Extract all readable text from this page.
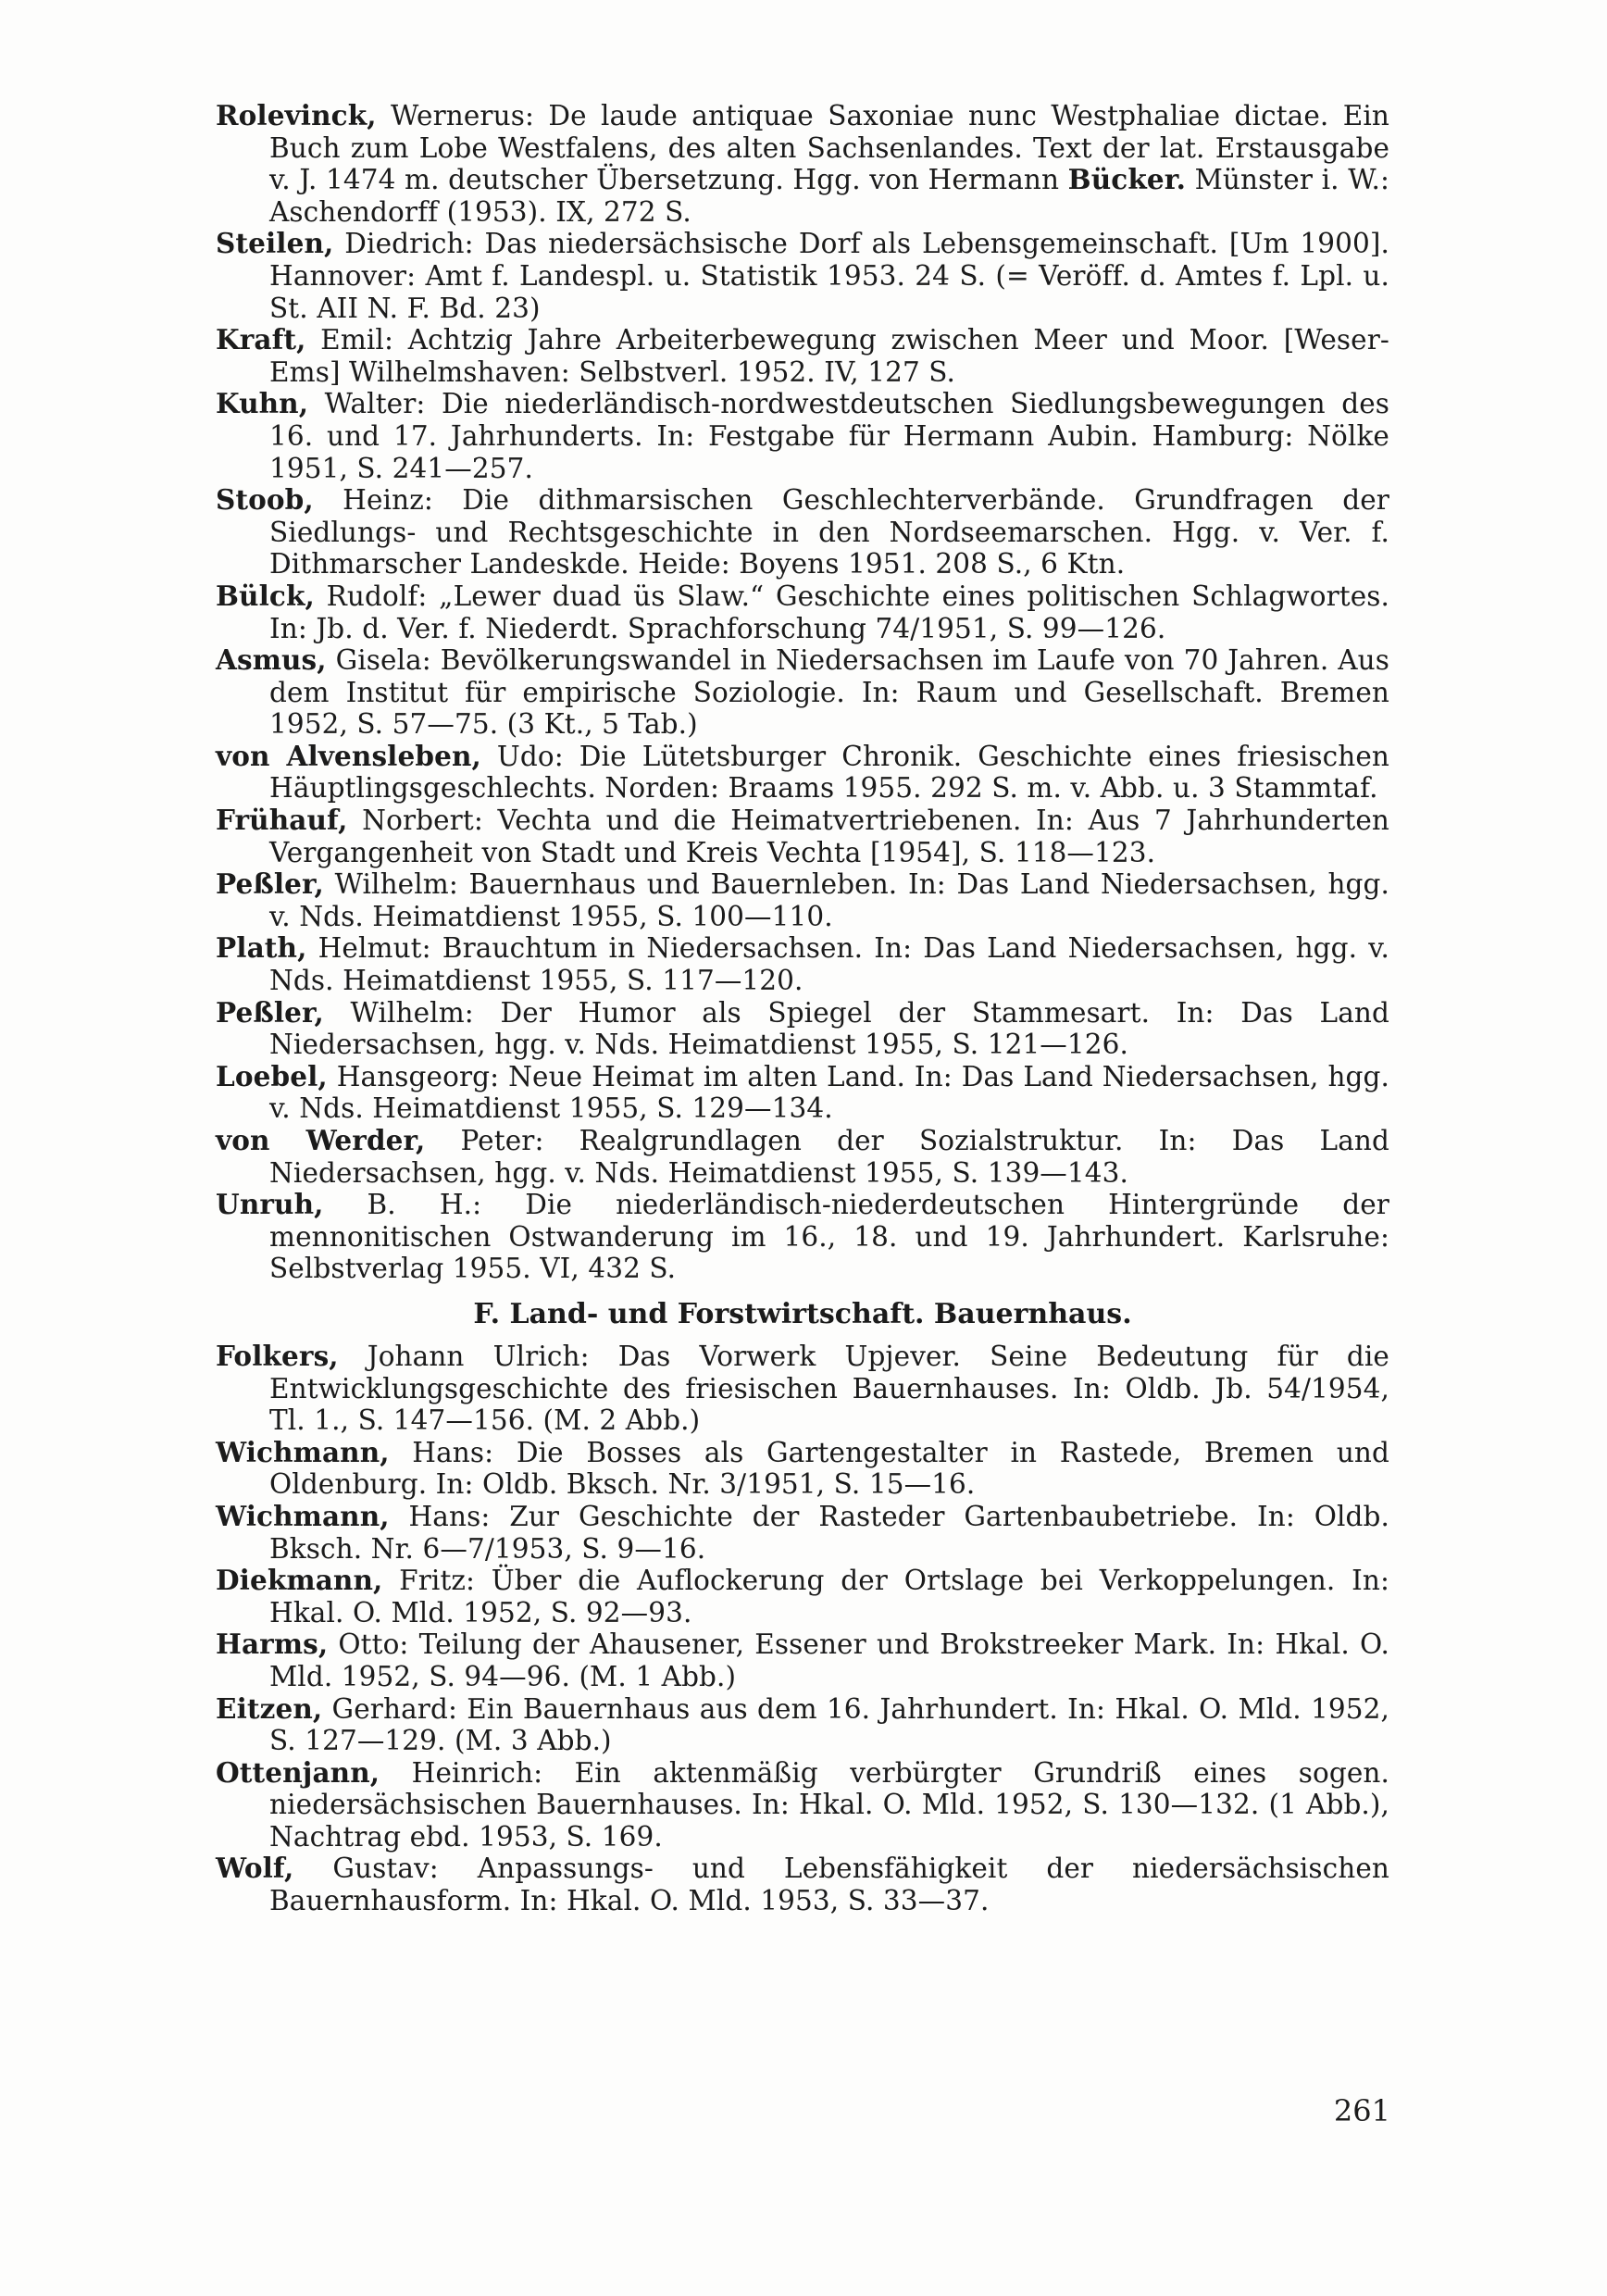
Rolevinck, Wernerus: De laude antiquae Saxoniae nunc Westphaliae dictae. Ein Buch zum Lobe Westfalens, des alten Sachsenlandes. Text der lat. Erstausgabe v. J. 1474 m. deutscher Übersetzung. Hgg. von Hermann Bücker. Münster i. W.: Aschendorff (1953). IX, 272 S.

Steilen, Diedrich: Das niedersächsische Dorf als Lebensgemeinschaft. [Um 1900]. Hannover: Amt f. Landespl. u. Statistik 1953. 24 S. (= Veröff. d. Amtes f. Lpl. u. St. AII N. F. Bd. 23)

Kraft, Emil: Achtzig Jahre Arbeiterbewegung zwischen Meer und Moor. [Weser-Ems] Wilhelmshaven: Selbstverl. 1952. IV, 127 S.

Kuhn, Walter: Die niederländisch-nordwestdeutschen Siedlungsbewegungen des 16. und 17. Jahrhunderts. In: Festgabe für Hermann Aubin. Hamburg: Nölke 1951, S. 241—257.

Stoob, Heinz: Die dithmarsischen Geschlechterverbände. Grundfragen der Siedlungs- und Rechtsgeschichte in den Nordseemarschen. Hgg. v. Ver. f. Dithmarscher Landeskde. Heide: Boyens 1951. 208 S., 6 Ktn.

Bülck, Rudolf: „Lewer duad üs Slaw.“ Geschichte eines politischen Schlagwortes. In: Jb. d. Ver. f. Niederdt. Sprachforschung 74/1951, S. 99—126.

Asmus, Gisela: Bevölkerungswandel in Niedersachsen im Laufe von 70 Jahren. Aus dem Institut für empirische Soziologie. In: Raum und Gesellschaft. Bremen 1952, S. 57—75. (3 Kt., 5 Tab.)

von Alvensleben, Udo: Die Lütetsburger Chronik. Geschichte eines friesischen Häuptlingsgeschlechts. Norden: Braams 1955. 292 S. m. v. Abb. u. 3 Stammtaf.

Frühauf, Norbert: Vechta und die Heimatvertriebenen. In: Aus 7 Jahrhunderten Vergangenheit von Stadt und Kreis Vechta [1954], S. 118—123.

Peßler, Wilhelm: Bauernhaus und Bauernleben. In: Das Land Niedersachsen, hgg. v. Nds. Heimatdienst 1955, S. 100—110.

Plath, Helmut: Brauchtum in Niedersachsen. In: Das Land Niedersachsen, hgg. v. Nds. Heimatdienst 1955, S. 117—120.

Peßler, Wilhelm: Der Humor als Spiegel der Stammesart. In: Das Land Niedersachsen, hgg. v. Nds. Heimatdienst 1955, S. 121—126.

Loebel, Hansgeorg: Neue Heimat im alten Land. In: Das Land Niedersachsen, hgg. v. Nds. Heimatdienst 1955, S. 129—134.

von Werder, Peter: Realgrundlagen der Sozialstruktur. In: Das Land Niedersachsen, hgg. v. Nds. Heimatdienst 1955, S. 139—143.

Unruh, B. H.: Die niederländisch-niederdeutschen Hintergründe der mennonitischen Ostwanderung im 16., 18. und 19. Jahrhundert. Karlsruhe: Selbstverlag 1955. VI, 432 S.

F. Land- und Forstwirtschaft. Bauernhaus.

Folkers, Johann Ulrich: Das Vorwerk Upjever. Seine Bedeutung für die Entwicklungsgeschichte des friesischen Bauernhauses. In: Oldb. Jb. 54/1954, Tl. 1., S. 147—156. (M. 2 Abb.)

Wichmann, Hans: Die Bosses als Gartengestalter in Rastede, Bremen und Oldenburg. In: Oldb. Bksch. Nr. 3/1951, S. 15—16.

Wichmann, Hans: Zur Geschichte der Rasteder Gartenbaubetriebe. In: Oldb. Bksch. Nr. 6—7/1953, S. 9—16.

Diekmann, Fritz: Über die Auflockerung der Ortslage bei Verkoppelungen. In: Hkal. O. Mld. 1952, S. 92—93.

Harms, Otto: Teilung der Ahausener, Essener und Brokstreeker Mark. In: Hkal. O. Mld. 1952, S. 94—96. (M. 1 Abb.)

Eitzen, Gerhard: Ein Bauernhaus aus dem 16. Jahrhundert. In: Hkal. O. Mld. 1952, S. 127—129. (M. 3 Abb.)

Ottenjann, Heinrich: Ein aktenmäßig verbürgter Grundriß eines sogen. niedersächsischen Bauernhauses. In: Hkal. O. Mld. 1952, S. 130—132. (1 Abb.), Nachtrag ebd. 1953, S. 169.

Wolf, Gustav: Anpassungs- und Lebensfähigkeit der niedersächsischen Bauernhausform. In: Hkal. O. Mld. 1953, S. 33—37.

261
